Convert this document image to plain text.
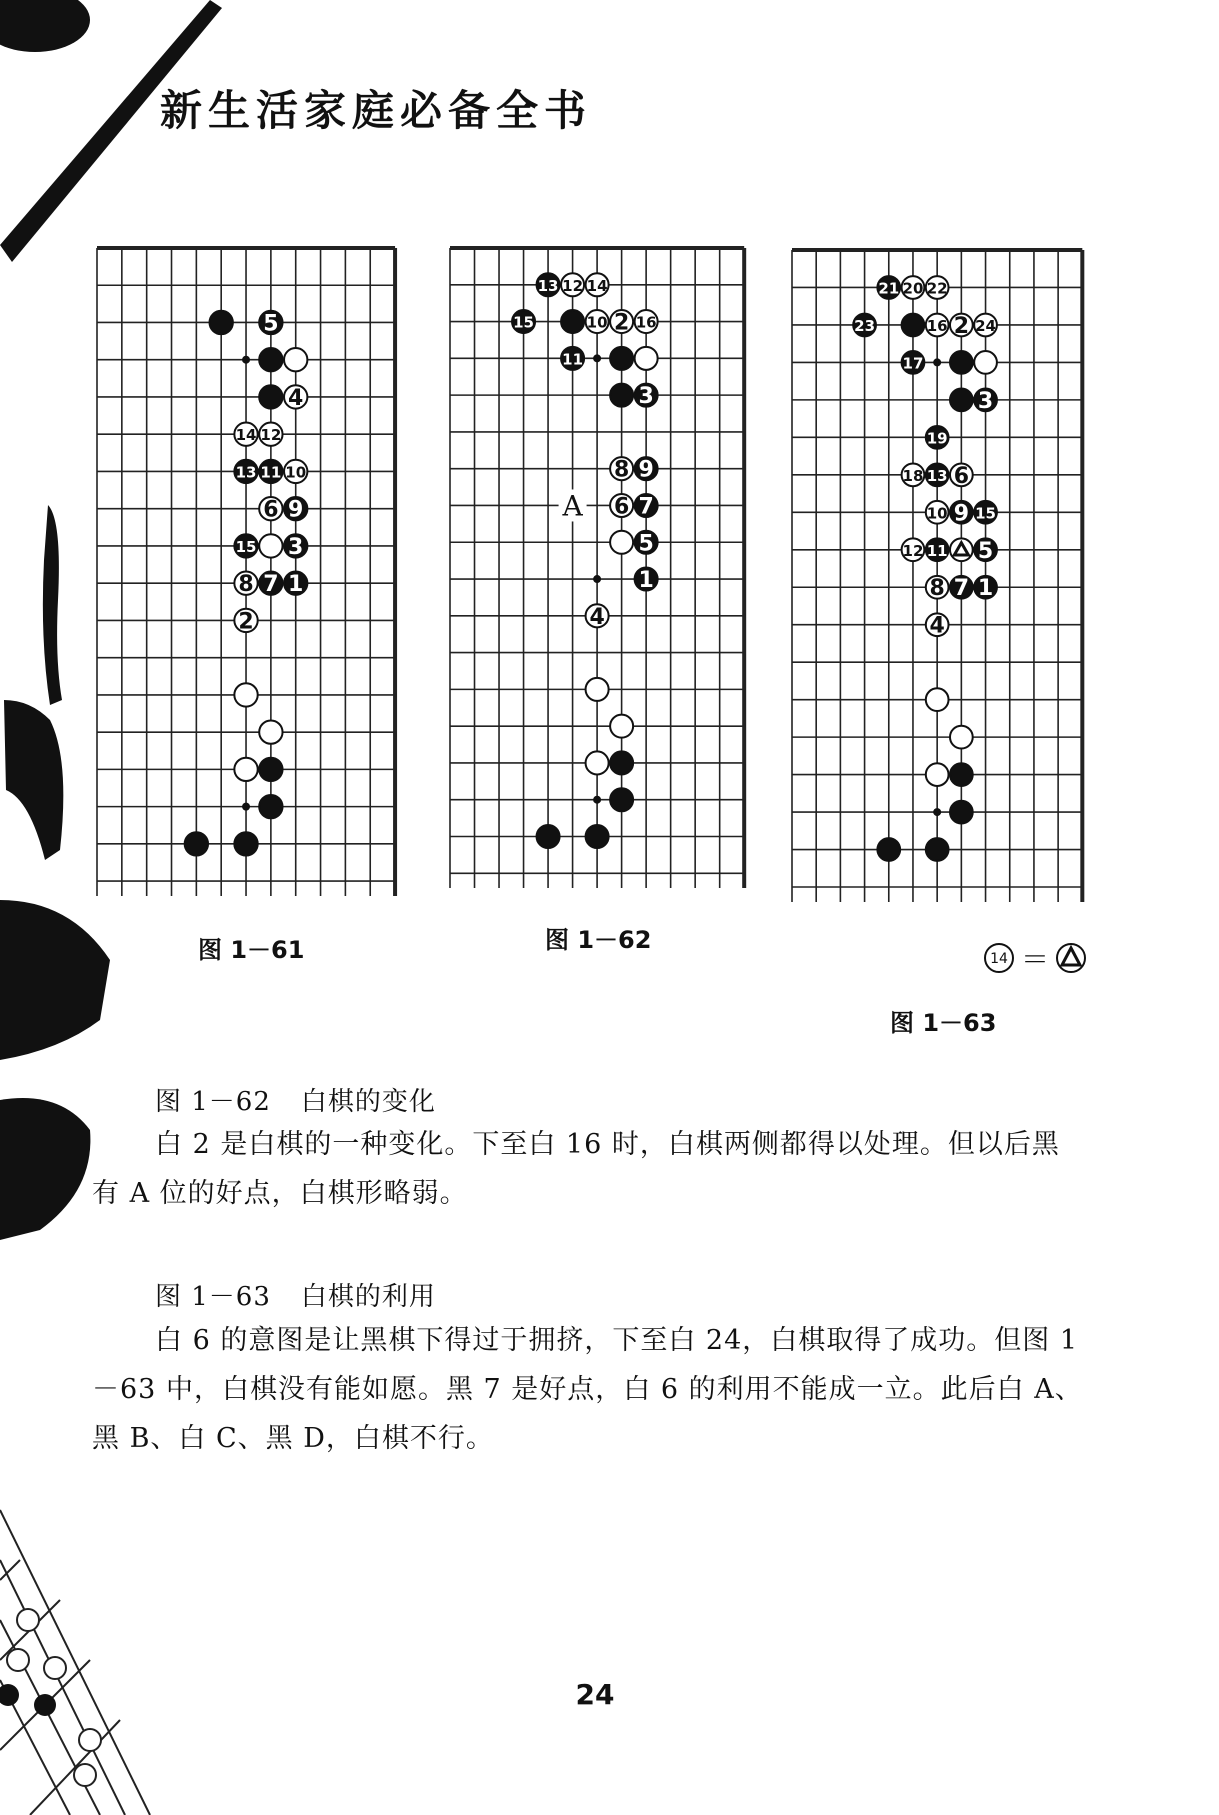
新生活家庭必备全书
5
4
14 12
13 11 10
6 9
15 3
8 7 1
2
13 12 14
15	10 2 16
11
3
8 9
6 7
5
1
4
A
21 20 22
23	16 2 24
17
3
19
18 13 6
10 9 15
12 11 5
8 7 1
4
图 1－61	图 1－62
图 1－63
14 ＝
图 1－62 白棋的变化
白 2 是白棋的一种变化。下至白 16 时，白棋两侧都得以处理。但以后黑
有 A 位的好点，白棋形略弱。
图 1－63 白棋的利用
白 6 的意图是让黑棋下得过于拥挤，下至白 24，白棋取得了成功。但图 1
－63 中，白棋没有能如愿。黑 7 是好点，白 6 的利用不能成一立。此后白 A、
黑 B、白 C、黑 D，白棋不行。
24
